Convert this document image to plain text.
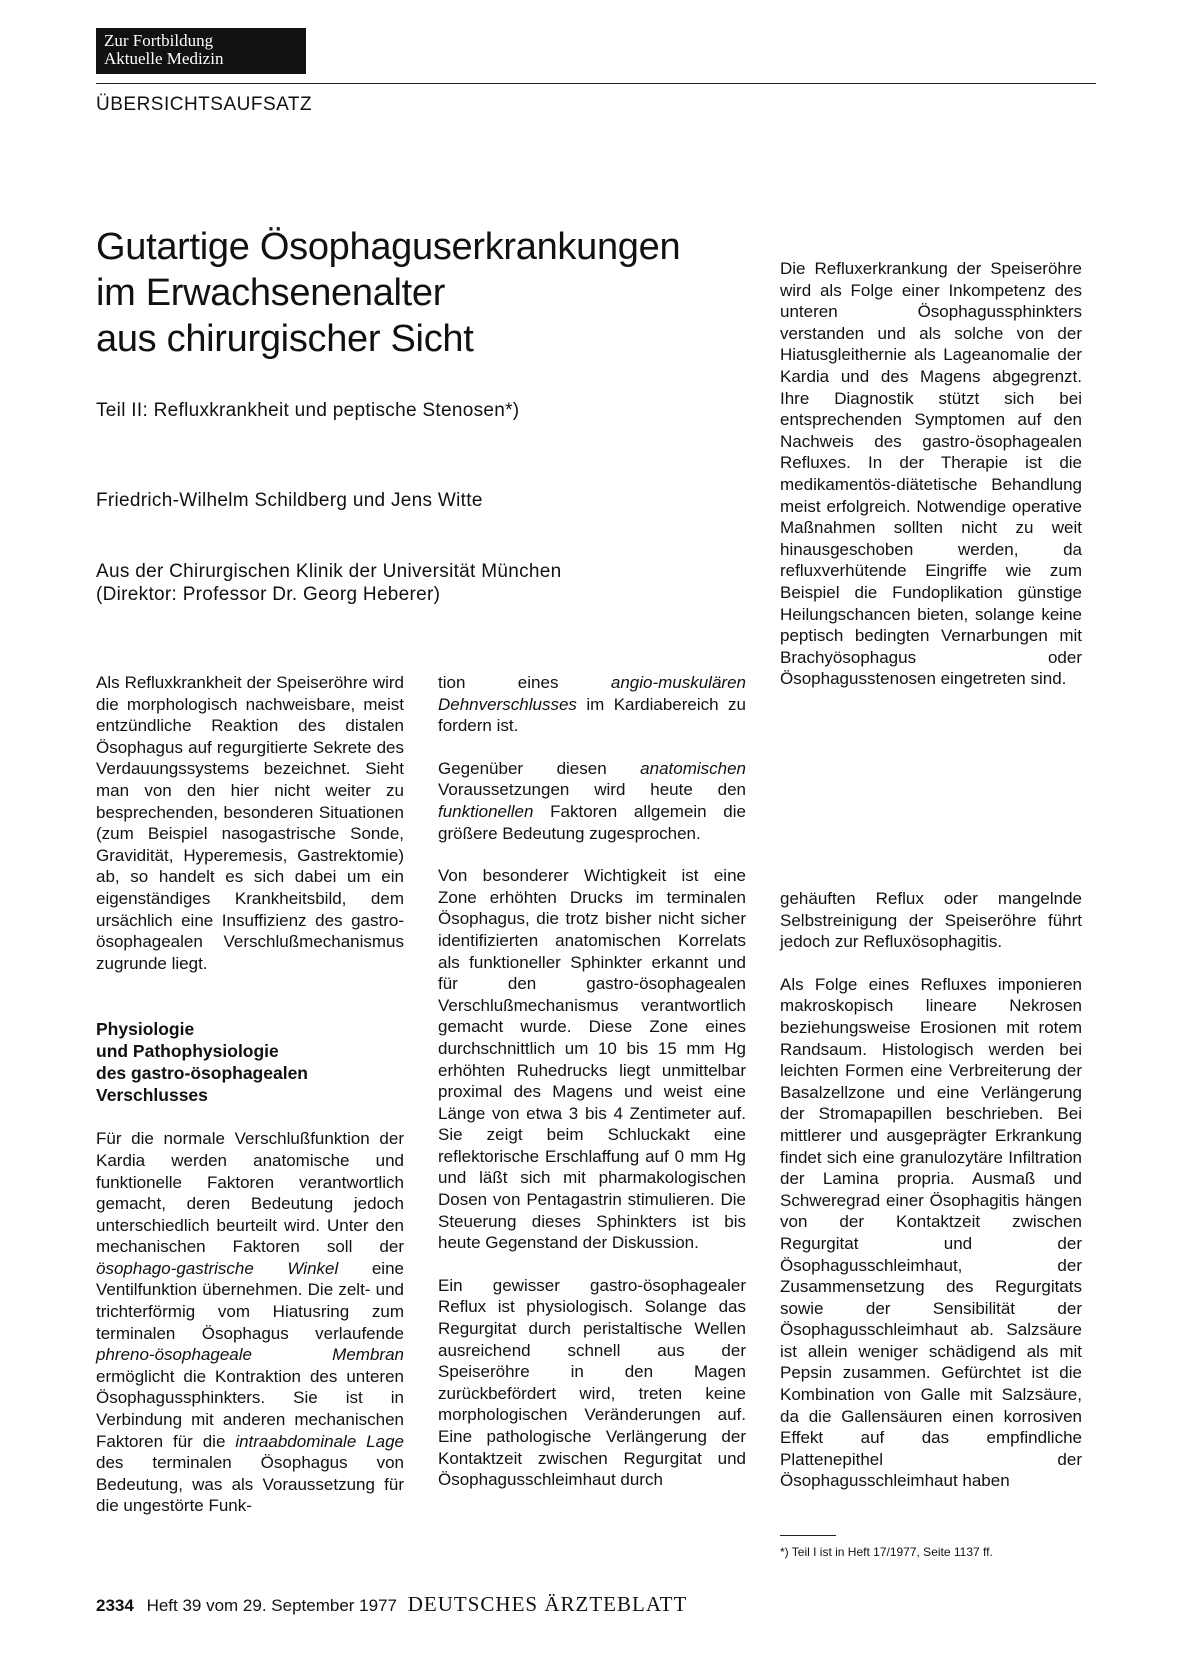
Zur Fortbildung
Aktuelle Medizin
ÜBERSICHTSAUFSATZ
Gutartige Ösophaguserkrankungen
im Erwachsenenalter
aus chirurgischer Sicht
Teil II: Refluxkrankheit und peptische Stenosen*)
Friedrich-Wilhelm Schildberg und Jens Witte
Aus der Chirurgischen Klinik der Universität München
(Direktor: Professor Dr. Georg Heberer)

Die Refluxerkrankung der Speiseröhre wird als Folge einer Inkompetenz des unteren Ösophagussphinkters verstanden und als solche von der Hiatusgleithernie als Lageanomalie der Kardia und des Magens abgegrenzt. Ihre Diagnostik stützt sich bei entsprechenden Symptomen auf den Nachweis des gastro-ösophagealen Refluxes. In der Therapie ist die medikamentös-diätetische Behandlung meist erfolgreich. Notwendige operative Maßnahmen sollten nicht zu weit hinausgeschoben werden, da refluxverhütende Eingriffe wie zum Beispiel die Fundoplikation günstige Heilungschancen bieten, solange keine peptisch bedingten Vernarbungen mit Brachyösophagus oder Ösophagusstenosen eingetreten sind.

Als Refluxkrankheit der Speiseröhre wird die morphologisch nachweisbare, meist entzündliche Reaktion des distalen Ösophagus auf regurgitierte Sekrete des Verdauungssystems bezeichnet. Sieht man von den hier nicht weiter zu besprechenden, besonderen Situationen (zum Beispiel nasogastrische Sonde, Gravidität, Hyperemesis, Gastrektomie) ab, so handelt es sich dabei um ein eigenständiges Krankheitsbild, dem ursächlich eine Insuffizienz des gastro-ösophagealen Verschlußmechanismus zugrunde liegt.

Physiologie
und Pathophysiologie
des gastro-ösophagealen
Verschlusses

Für die normale Verschlußfunktion der Kardia werden anatomische und funktionelle Faktoren verantwortlich gemacht, deren Bedeutung jedoch unterschiedlich beurteilt wird. Unter den mechanischen Faktoren soll der ösophago-gastrische Winkel eine Ventilfunktion übernehmen. Die zelt- und trichterförmig vom Hiatusring zum terminalen Ösophagus verlaufende phreno-ösophageale Membran ermöglicht die Kontraktion des unteren Ösophagussphinkters. Sie ist in Verbindung mit anderen mechanischen Faktoren für die intraabdominale Lage des terminalen Ösophagus von Bedeutung, was als Voraussetzung für die ungestörte Funk-

tion eines angio-muskulären Dehnverschlusses im Kardiabereich zu fordern ist.

Gegenüber diesen anatomischen Voraussetzungen wird heute den funktionellen Faktoren allgemein die größere Bedeutung zugesprochen.

Von besonderer Wichtigkeit ist eine Zone erhöhten Drucks im terminalen Ösophagus, die trotz bisher nicht sicher identifizierten anatomischen Korrelats als funktioneller Sphinkter erkannt und für den gastro-ösophagealen Verschlußmechanismus verantwortlich gemacht wurde. Diese Zone eines durchschnittlich um 10 bis 15 mm Hg erhöhten Ruhedrucks liegt unmittelbar proximal des Magens und weist eine Länge von etwa 3 bis 4 Zentimeter auf. Sie zeigt beim Schluckakt eine reflektorische Erschlaffung auf 0 mm Hg und läßt sich mit pharmakologischen Dosen von Pentagastrin stimulieren. Die Steuerung dieses Sphinkters ist bis heute Gegenstand der Diskussion.

Ein gewisser gastro-ösophagealer Reflux ist physiologisch. Solange das Regurgitat durch peristaltische Wellen ausreichend schnell aus der Speiseröhre in den Magen zurückbefördert wird, treten keine morphologischen Veränderungen auf. Eine pathologische Verlängerung der Kontaktzeit zwischen Regurgitat und Ösophagusschleimhaut durch

gehäuften Reflux oder mangelnde Selbstreinigung der Speiseröhre führt jedoch zur Refluxösophagitis.

Als Folge eines Refluxes imponieren makroskopisch lineare Nekrosen beziehungsweise Erosionen mit rotem Randsaum. Histologisch werden bei leichten Formen eine Verbreiterung der Basalzellzone und eine Verlängerung der Stromapapillen beschrieben. Bei mittlerer und ausgeprägter Erkrankung findet sich eine granulozytäre Infiltration der Lamina propria. Ausmaß und Schweregrad einer Ösophagitis hängen von der Kontaktzeit zwischen Regurgitat und der Ösophagusschleimhaut, der Zusammensetzung des Regurgitats sowie der Sensibilität der Ösophagusschleimhaut ab. Salzsäure ist allein weniger schädigend als mit Pepsin zusammen. Gefürchtet ist die Kombination von Galle mit Salzsäure, da die Gallensäuren einen korrosiven Effekt auf das empfindliche Plattenepithel der Ösophagusschleimhaut haben

*) Teil I ist in Heft 17/1977, Seite 1137 ff.
2334 Heft 39 vom 29. September 1977 DEUTSCHES ÄRZTEBLATT
